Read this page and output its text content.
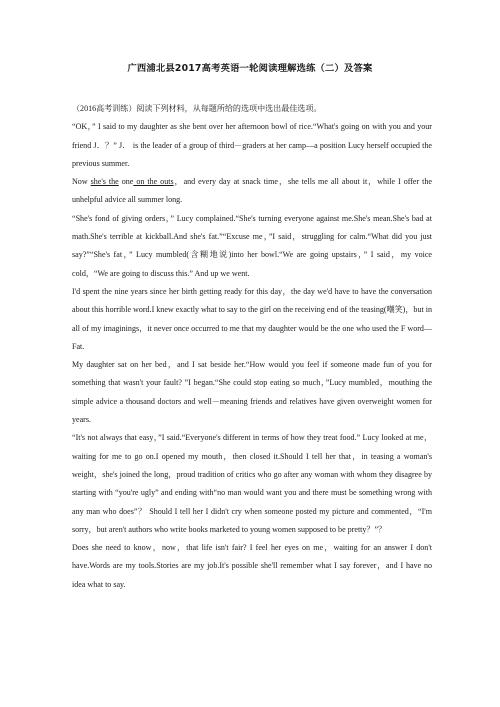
广西浦北县2017高考英语一轮阅读理解选练（二）及答案

（2016高考训练）阅读下列材料，从每题所给的选项中选出最佳选项。

“OK，” I said to my daughter as she bent over her afternoon bowl of rice.“What's going on with you and your friend J．？” J． is the leader of a group of third－graders at her camp—a position Lucy herself occupied the previous summer.

Now she's the one on the outs，and every day at snack time，she tells me all about it，while I offer the unhelpful advice all summer long.

“She's fond of giving orders，” Lucy complained.“She's turning everyone against me.She's mean.She's bad at math.She's terrible at kickball.And she's fat.”“Excuse me，”I said，struggling for calm.“What did you just say?”“She's fat，” Lucy mumbled(含糊地说)into her bowl.“We are going upstairs，” I said，my voice cold，“We are going to discuss this.” And up we went.

I'd spent the nine years since her birth getting ready for this day，the day we'd have to have the conversation about this horrible word.I knew exactly what to say to the girl on the receiving end of the teasing(嘲笑)，but in all of my imaginings，it never once occurred to me that my daughter would be the one who used the F word—Fat.

My daughter sat on her bed，and I sat beside her.“How would you feel if someone made fun of you for something that wasn't your fault? ”I began.“She could stop eating so much，”Lucy mumbled，mouthing the simple advice a thousand doctors and well－meaning friends and relatives have given overweight women for years.

“It's not always that easy，”I said.“Everyone's different in terms of how they treat food.” Lucy looked at me，waiting for me to go on.I opened my mouth，then closed it.Should I tell her that，in teasing a woman's weight，she's joined the long，proud tradition of critics who go after any woman with whom they disagree by starting with “you're ugly” and ending with“no man would want you and there must be something wrong with any man who does”？ Should I tell her I didn't cry when someone posted my picture and commented，“I'm sorry，but aren't authors who write books marketed to young women supposed to be pretty？”？

Does she need to know，now，that life isn't fair? I feel her eyes on me，waiting for an answer I don't have.Words are my tools.Stories are my job.It's possible she'll remember what I say forever，and I have no idea what to say.
